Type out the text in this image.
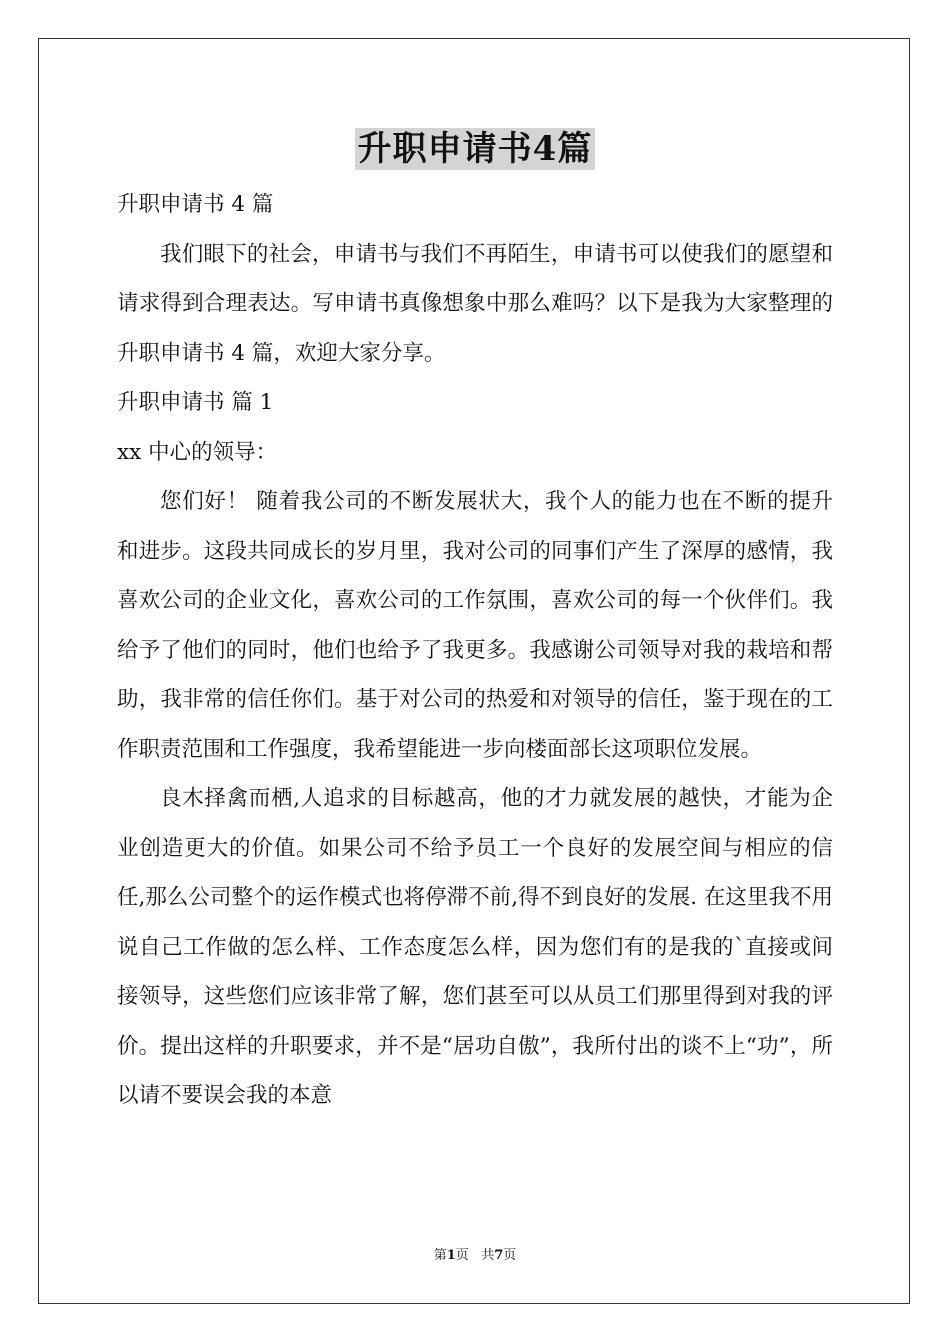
升职申请书4篇

升职申请书 4 篇

我们眼下的社会，申请书与我们不再陌生，申请书可以使我们的愿望和请求得到合理表达。写申请书真像想象中那么难吗？以下是我为大家整理的升职申请书 4 篇，欢迎大家分享。

升职申请书 篇 1

xx 中心的领导：

您们好！ 随着我公司的不断发展状大，我个人的能力也在不断的提升和进步。这段共同成长的岁月里，我对公司的同事们产生了深厚的感情，我喜欢公司的企业文化，喜欢公司的工作氛围，喜欢公司的每一个伙伴们。我给予了他们的同时，他们也给予了我更多。我感谢公司领导对我的栽培和帮助，我非常的信任你们。基于对公司的热爱和对领导的信任，鉴于现在的工作职责范围和工作强度，我希望能进一步向楼面部长这项职位发展。

良木择禽而栖,人追求的目标越高，他的才力就发展的越快，才能为企业创造更大的价值。如果公司不给予员工一个良好的发展空间与相应的信任,那么公司整个的运作模式也将停滞不前,得不到良好的发展. 在这里我不用说自己工作做的怎么样、工作态度怎么样，因为您们有的是我的`直接或间接领导，这些您们应该非常了解，您们甚至可以从员工们那里得到对我的评价。提出这样的升职要求，并不是“居功自傲”，我所付出的谈不上“功”，所以请不要误会我的本意

第1页 共7页
